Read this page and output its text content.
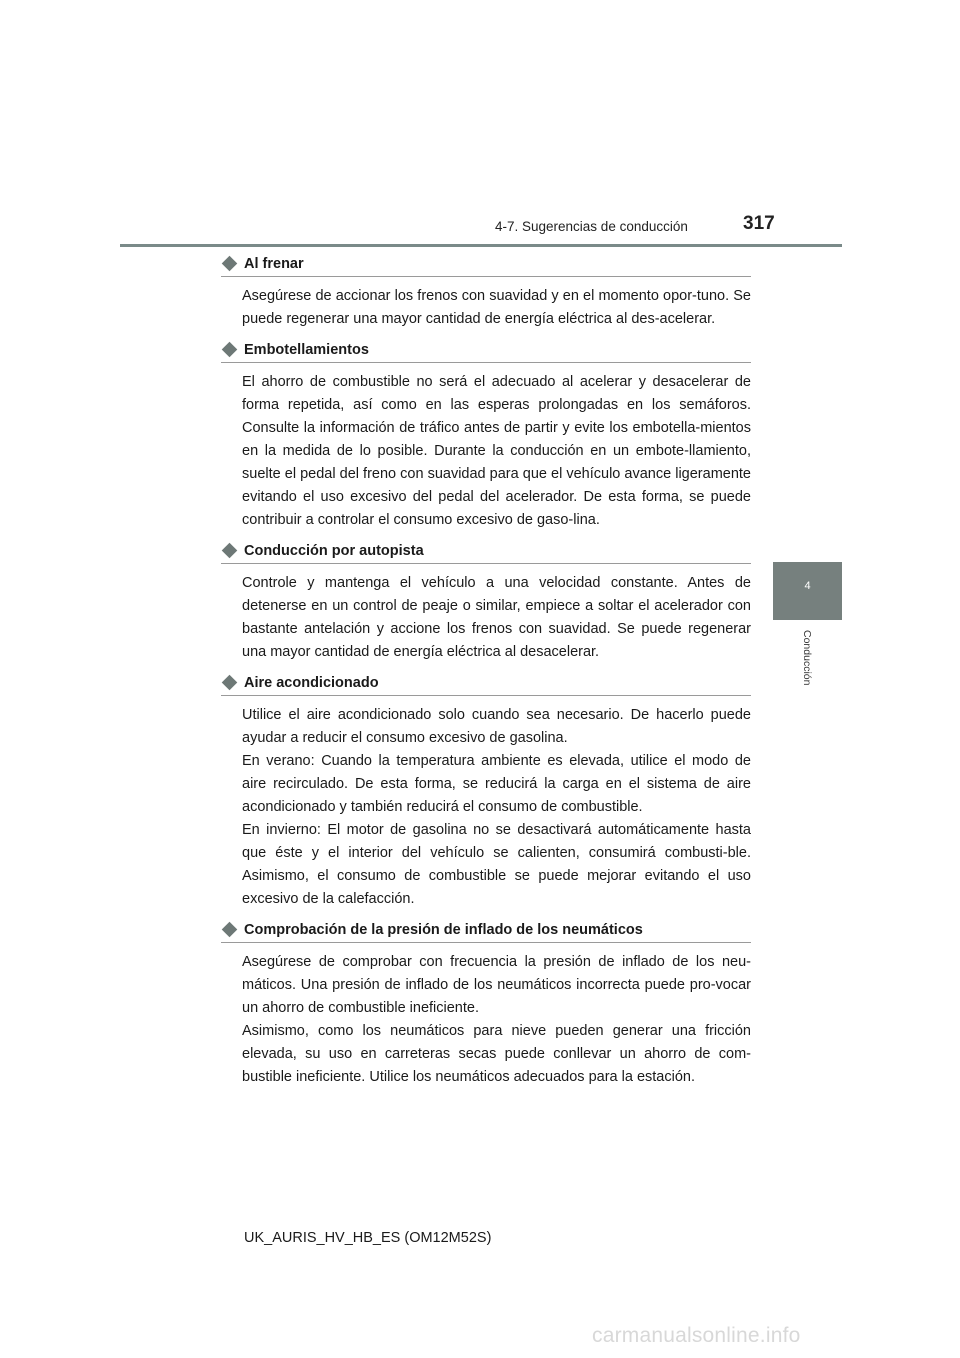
4-7. Sugerencias de conducción	317
4
Conducción
Al frenar

Asegúrese de accionar los frenos con suavidad y en el momento opor-tuno. Se puede regenerar una mayor cantidad de energía eléctrica al des-acelerar.

Embotellamientos

El ahorro de combustible no será el adecuado al acelerar y desacelerar de forma repetida, así como en las esperas prolongadas en los semáforos. Consulte la información de tráfico antes de partir y evite los embotella-mientos en la medida de lo posible. Durante la conducción en un embote-llamiento, suelte el pedal del freno con suavidad para que el vehículo avance ligeramente evitando el uso excesivo del pedal del acelerador. De esta forma, se puede contribuir a controlar el consumo excesivo de gaso-lina.

Conducción por autopista

Controle y mantenga el vehículo a una velocidad constante. Antes de detenerse en un control de peaje o similar, empiece a soltar el acelerador con bastante antelación y accione los frenos con suavidad. Se puede regenerar una mayor cantidad de energía eléctrica al desacelerar.

Aire acondicionado

Utilice el aire acondicionado solo cuando sea necesario. De hacerlo puede ayudar a reducir el consumo excesivo de gasolina.

En verano: Cuando la temperatura ambiente es elevada, utilice el modo de aire recirculado. De esta forma, se reducirá la carga en el sistema de aire acondicionado y también reducirá el consumo de combustible.

En invierno: El motor de gasolina no se desactivará automáticamente hasta que éste y el interior del vehículo se calienten, consumirá combusti-ble. Asimismo, el consumo de combustible se puede mejorar evitando el uso excesivo de la calefacción.

Comprobación de la presión de inflado de los neumáticos

Asegúrese de comprobar con frecuencia la presión de inflado de los neu-máticos. Una presión de inflado de los neumáticos incorrecta puede pro-vocar un ahorro de combustible ineficiente.

Asimismo, como los neumáticos para nieve pueden generar una fricción elevada, su uso en carreteras secas puede conllevar un ahorro de com-bustible ineficiente. Utilice los neumáticos adecuados para la estación.

UK_AURIS_HV_HB_ES (OM12M52S)
carmanualsonline.info
